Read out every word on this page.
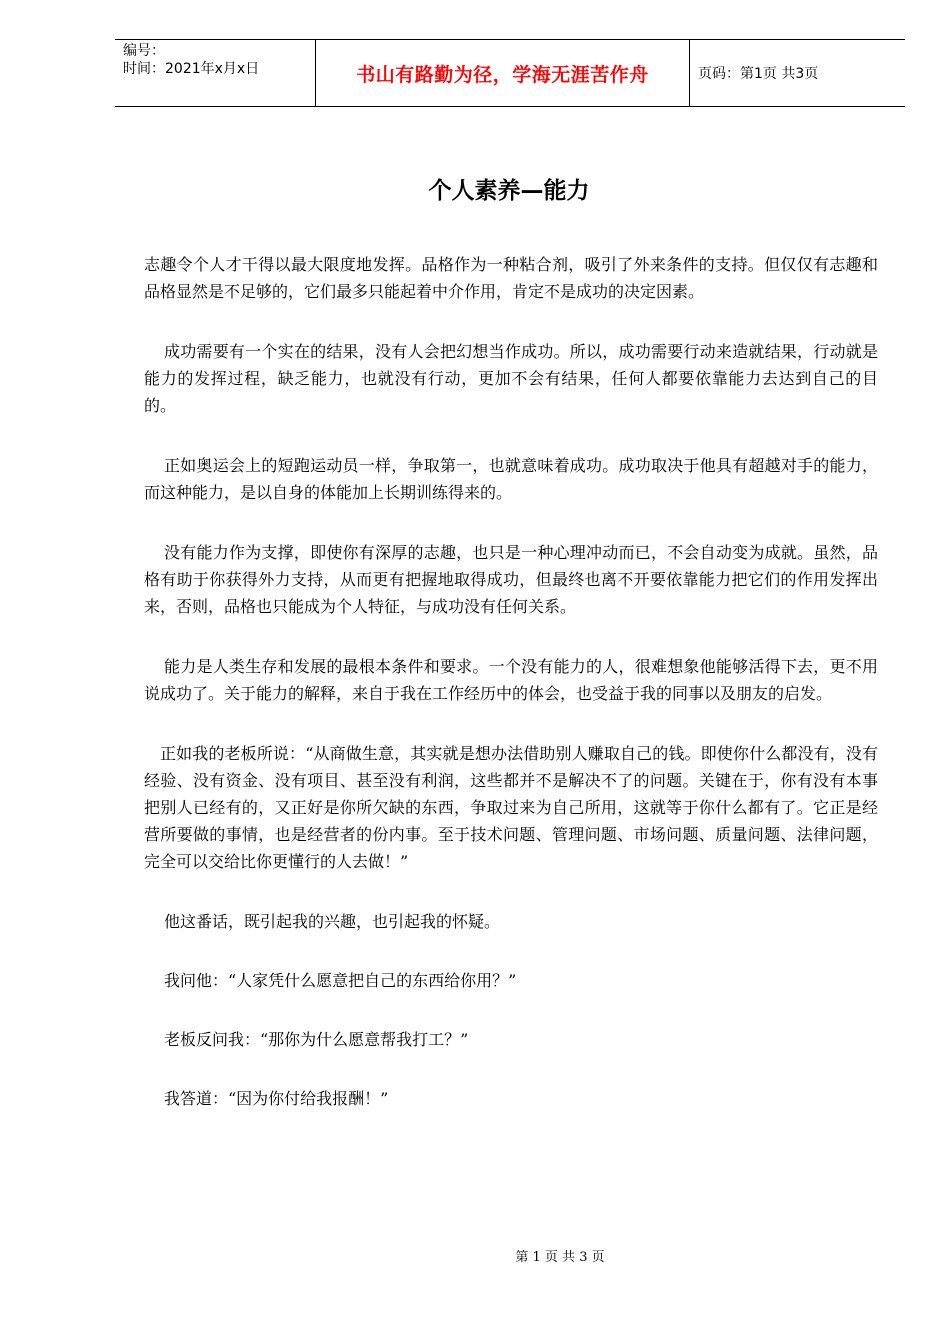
编号：
时间：2021年x月x日	书山有路勤为径，学海无涯苦作舟	页码：第1页 共3页
个人素养—能力

志趣令个人才干得以最大限度地发挥。品格作为一种粘合剂，吸引了外来条件的支持。但仅仅有志趣和品格显然是不足够的，它们最多只能起着中介作用，肯定不是成功的决定因素。

成功需要有一个实在的结果，没有人会把幻想当作成功。所以，成功需要行动来造就结果，行动就是能力的发挥过程，缺乏能力，也就没有行动，更加不会有结果，任何人都要依靠能力去达到自己的目的。

正如奥运会上的短跑运动员一样，争取第一，也就意味着成功。成功取决于他具有超越对手的能力，而这种能力，是以自身的体能加上长期训练得来的。

没有能力作为支撑，即使你有深厚的志趣，也只是一种心理冲动而已，不会自动变为成就。虽然，品格有助于你获得外力支持，从而更有把握地取得成功，但最终也离不开要依靠能力把它们的作用发挥出来，否则，品格也只能成为个人特征，与成功没有任何关系。

能力是人类生存和发展的最根本条件和要求。一个没有能力的人，很难想象他能够活得下去，更不用说成功了。关于能力的解释，来自于我在工作经历中的体会，也受益于我的同事以及朋友的启发。

正如我的老板所说：“从商做生意，其实就是想办法借助别人赚取自己的钱。即使你什么都没有，没有经验、没有资金、没有项目、甚至没有利润，这些都并不是解决不了的问题。关键在于，你有没有本事把别人已经有的，又正好是你所欠缺的东西，争取过来为自己所用，这就等于你什么都有了。它正是经营所要做的事情，也是经营者的份内事。至于技术问题、管理问题、市场问题、质量问题、法律问题，完全可以交给比你更懂行的人去做！”

他这番话，既引起我的兴趣，也引起我的怀疑。

我问他：“人家凭什么愿意把自己的东西给你用？”

老板反问我：“那你为什么愿意帮我打工？”

我答道：“因为你付给我报酬！”

第 1 页 共 3 页
